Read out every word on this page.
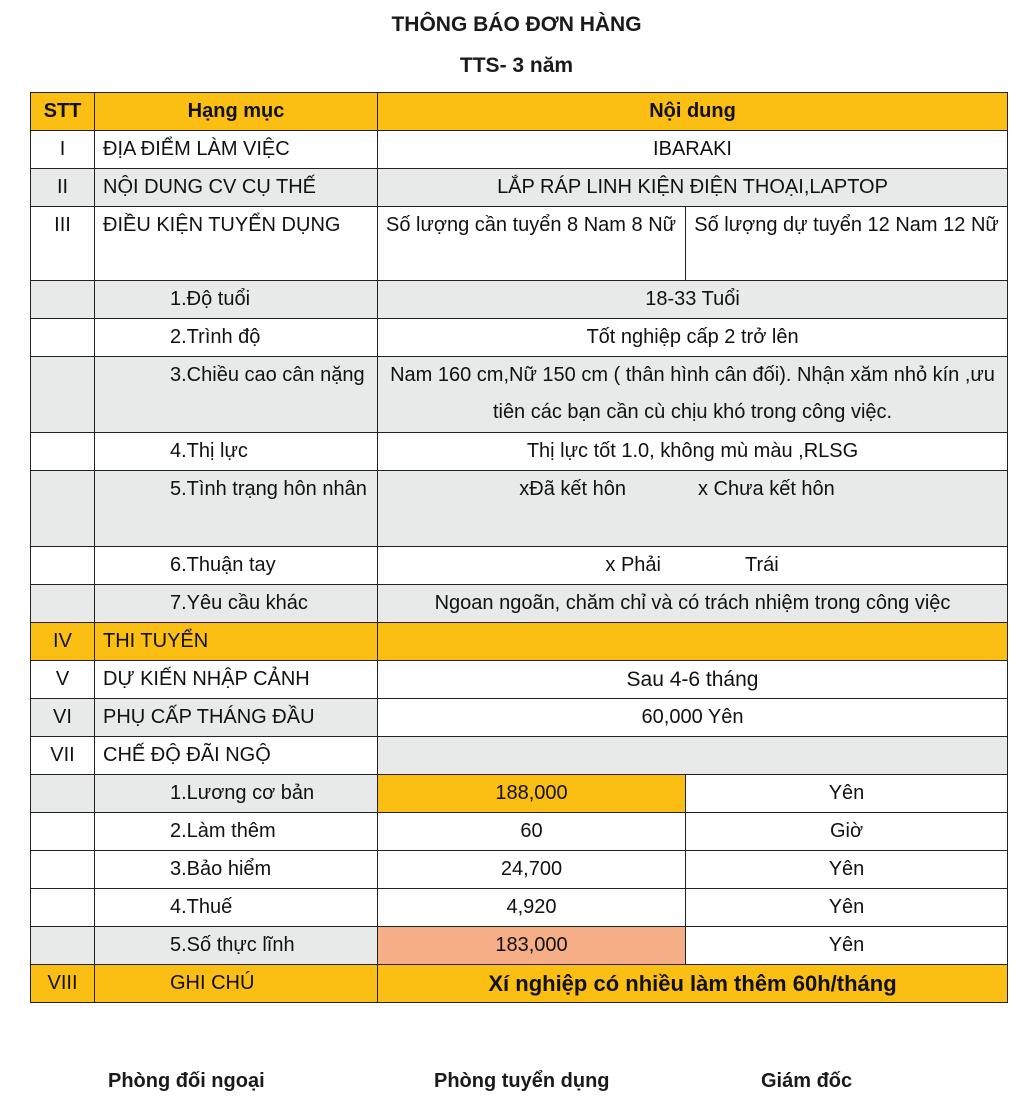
THÔNG BÁO ĐƠN HÀNG
TTS- 3 năm
STT	Hạng mục	Nội dung	
I	ĐỊA ĐIỂM LÀM VIỆC	IBARAKI	
II	NỘI DUNG CV CỤ THẾ	LẮP RÁP LINH KIỆN ĐIỆN THOẠI,LAPTOP	
III	ĐIỀU KIỆN TUYỂN DỤNG	Số lượng cần tuyển 8 Nam 8 Nữ	Số lượng dự tuyển 12 Nam 12 Nữ

	1.Độ tuổi	18-33 Tuổi	
	2.Trình độ	Tốt nghiệp cấp 2 trở lên	

	3.Chiều cao cân nặng	Nam 160 cm,Nữ 150 cm ( thân hình cân đối). Nhận xăm nhỏ kín ,ưu tiên các bạn cần cù chịu khó trong công việc.	

	4.Thị lực	Thị lực tốt 1.0, không mù màu ,RLSG	

	5.Tình trạng hôn nhân	xĐã kết hôn x Chưa kết hôn	
	6.Thuận tay	x Phải Trái	
	7.Yêu cầu khác	Ngoan ngoãn, chăm chỉ và có trách nhiệm trong công việc	
IV	THI TUYỂN		
V	DỰ KIẾN NHẬP CẢNH	Sau 4-6 tháng	
VI	PHỤ CẤP THÁNG ĐẦU	60,000 Yên	
VII	CHẾ ĐỘ ĐÃI NGỘ		
	1.Lương cơ bản	188,000	Yên
	2.Làm thêm	60	Giờ
	3.Bảo hiểm	24,700	Yên
	4.Thuế	4,920	Yên
	5.Số thực lĩnh	183,000	Yên
VIII	GHI CHÚ	Xí nghiệp có nhiều làm thêm 60h/tháng	
Phòng đối ngoại	Phòng tuyển dụng	Giám đốc
